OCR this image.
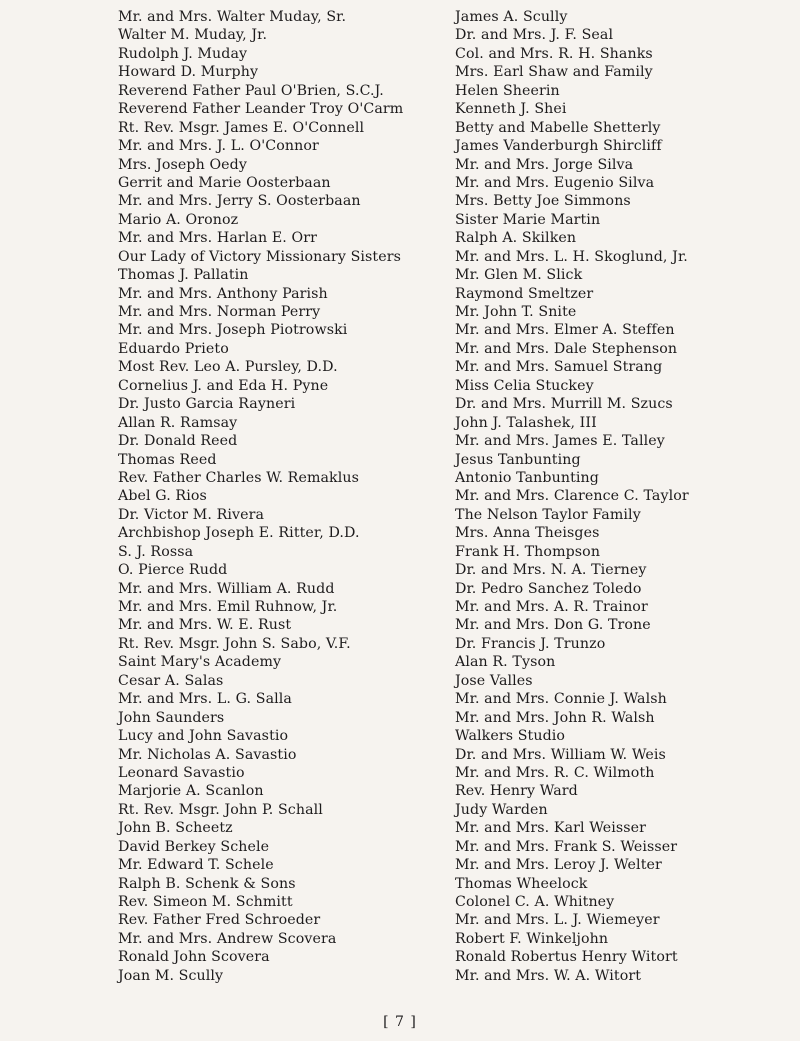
Mr. and Mrs. Walter Muday, Sr.
Walter M. Muday, Jr.
Rudolph J. Muday
Howard D. Murphy
Reverend Father Paul O'Brien, S.C.J.
Reverend Father Leander Troy O'Carm
Rt. Rev. Msgr. James E. O'Connell
Mr. and Mrs. J. L. O'Connor
Mrs. Joseph Oedy
Gerrit and Marie Oosterbaan
Mr. and Mrs. Jerry S. Oosterbaan
Mario A. Oronoz
Mr. and Mrs. Harlan E. Orr
Our Lady of Victory Missionary Sisters
Thomas J. Pallatin
Mr. and Mrs. Anthony Parish
Mr. and Mrs. Norman Perry
Mr. and Mrs. Joseph Piotrowski
Eduardo Prieto
Most Rev. Leo A. Pursley, D.D.
Cornelius J. and Eda H. Pyne
Dr. Justo Garcia Rayneri
Allan R. Ramsay
Dr. Donald Reed
Thomas Reed
Rev. Father Charles W. Remaklus
Abel G. Rios
Dr. Victor M. Rivera
Archbishop Joseph E. Ritter, D.D.
S. J. Rossa
O. Pierce Rudd
Mr. and Mrs. William A. Rudd
Mr. and Mrs. Emil Ruhnow, Jr.
Mr. and Mrs. W. E. Rust
Rt. Rev. Msgr. John S. Sabo, V.F.
Saint Mary's Academy
Cesar A. Salas
Mr. and Mrs. L. G. Salla
John Saunders
Lucy and John Savastio
Mr. Nicholas A. Savastio
Leonard Savastio
Marjorie A. Scanlon
Rt. Rev. Msgr. John P. Schall
John B. Scheetz
David Berkey Schele
Mr. Edward T. Schele
Ralph B. Schenk & Sons
Rev. Simeon M. Schmitt
Rev. Father Fred Schroeder
Mr. and Mrs. Andrew Scovera
Ronald John Scovera
Joan M. Scully
James A. Scully
Dr. and Mrs. J. F. Seal
Col. and Mrs. R. H. Shanks
Mrs. Earl Shaw and Family
Helen Sheerin
Kenneth J. Shei
Betty and Mabelle Shetterly
James Vanderburgh Shircliff
Mr. and Mrs. Jorge Silva
Mr. and Mrs. Eugenio Silva
Mrs. Betty Joe Simmons
Sister Marie Martin
Ralph A. Skilken
Mr. and Mrs. L. H. Skoglund, Jr.
Mr. Glen M. Slick
Raymond Smeltzer
Mr. John T. Snite
Mr. and Mrs. Elmer A. Steffen
Mr. and Mrs. Dale Stephenson
Mr. and Mrs. Samuel Strang
Miss Celia Stuckey
Dr. and Mrs. Murrill M. Szucs
John J. Talashek, III
Mr. and Mrs. James E. Talley
Jesus Tanbunting
Antonio Tanbunting
Mr. and Mrs. Clarence C. Taylor
The Nelson Taylor Family
Mrs. Anna Theisges
Frank H. Thompson
Dr. and Mrs. N. A. Tierney
Dr. Pedro Sanchez Toledo
Mr. and Mrs. A. R. Trainor
Mr. and Mrs. Don G. Trone
Dr. Francis J. Trunzo
Alan R. Tyson
Jose Valles
Mr. and Mrs. Connie J. Walsh
Mr. and Mrs. John R. Walsh
Walkers Studio
Dr. and Mrs. William W. Weis
Mr. and Mrs. R. C. Wilmoth
Rev. Henry Ward
Judy Warden
Mr. and Mrs. Karl Weisser
Mr. and Mrs. Frank S. Weisser
Mr. and Mrs. Leroy J. Welter
Thomas Wheelock
Colonel C. A. Whitney
Mr. and Mrs. L. J. Wiemeyer
Robert F. Winkeljohn
Ronald Robertus Henry Witort
Mr. and Mrs. W. A. Witort
[ 7 ]
